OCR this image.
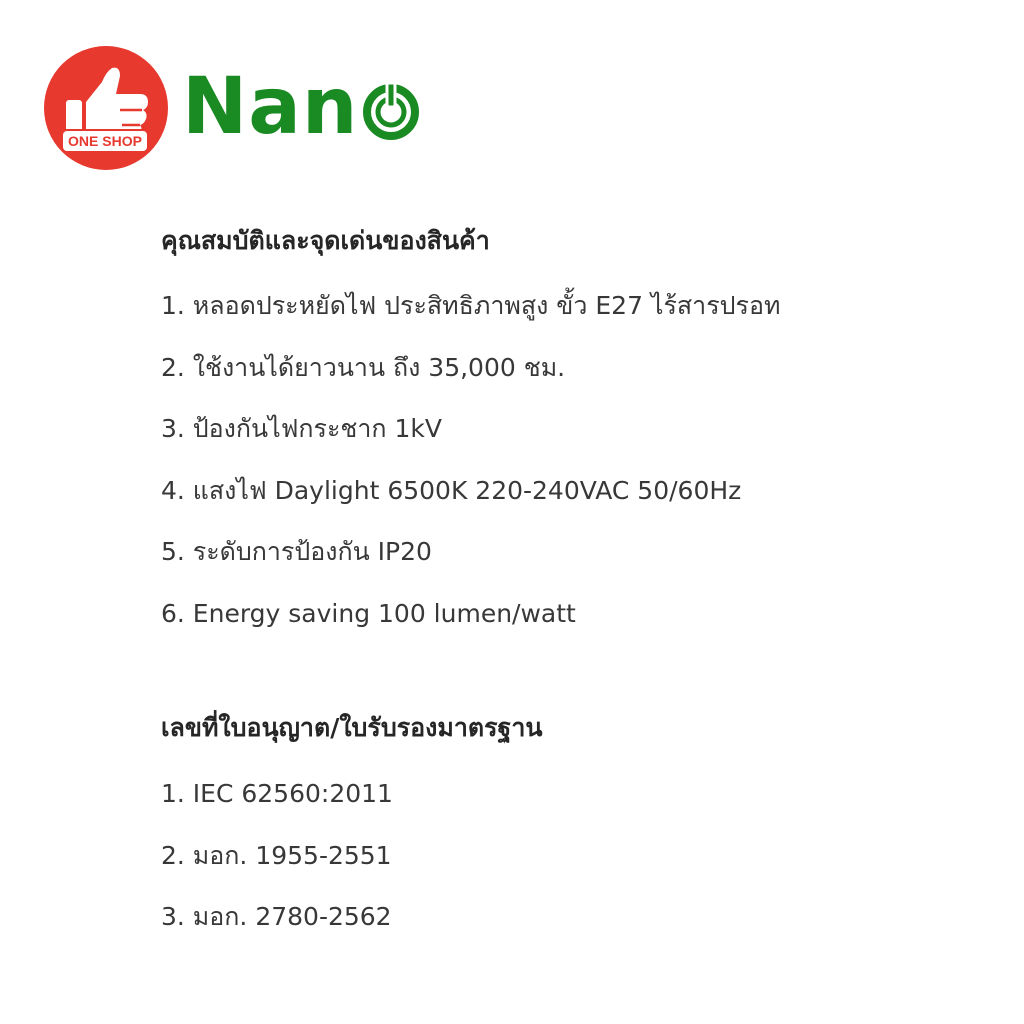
ONE SHOP Nan
คุณสมบัติและจุดเด่นของสินค้า
1. หลอดประหยัดไฟ ประสิทธิภาพสูง ขั้ว E27 ไร้สารปรอท
2. ใช้งานได้ยาวนาน ถึง 35,000 ชม.
3. ป้องกันไฟกระชาก 1kV
4. แสงไฟ Daylight 6500K 220-240VAC 50/60Hz
5. ระดับการป้องกัน IP20
6. Energy saving 100 lumen/watt
เลขที่ใบอนุญาต/ใบรับรองมาตรฐาน
1. IEC 62560:2011
2. มอก. 1955-2551
3. มอก. 2780-2562
